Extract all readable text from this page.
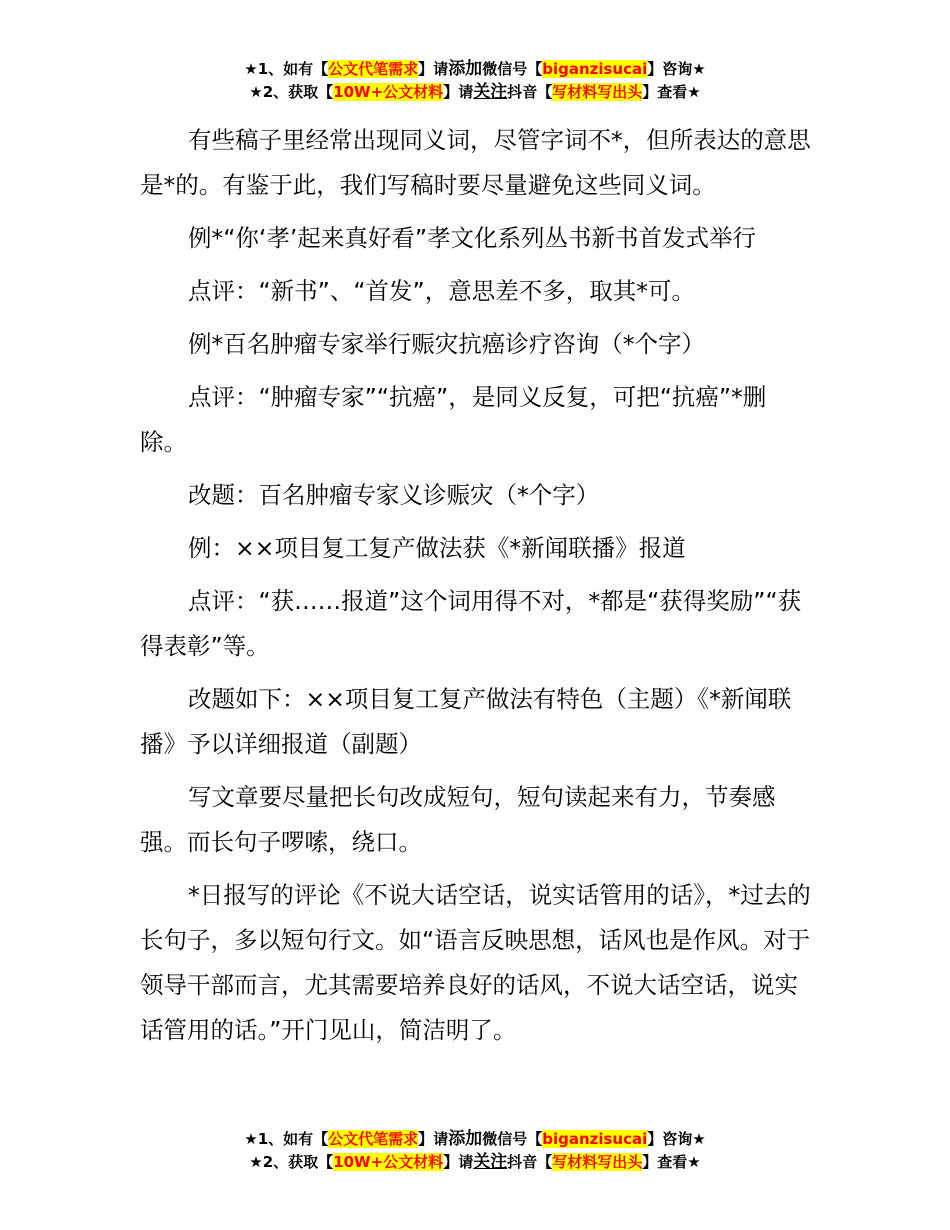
★1、如有【公文代笔需求】请添加微信号【biganzisucai】咨询★
★2、获取【10W+公文材料】请关注抖音【写材料写出头】查看★

有些稿子里经常出现同义词，尽管字词不*，但所表达的意思是*的。有鉴于此，我们写稿时要尽量避免这些同义词。

例*“你‘孝’起来真好看”孝文化系列丛书新书首发式举行

点评：“新书”、“首发”，意思差不多，取其*可。

例*百名肿瘤专家举行赈灾抗癌诊疗咨询（*个字）

点评：“肿瘤专家”“抗癌”，是同义反复，可把“抗癌”*删除。

改题：百名肿瘤专家义诊赈灾（*个字）

例：××项目复工复产做法获《*新闻联播》报道

点评：“获……报道”这个词用得不对，*都是“获得奖励”“获得表彰”等。

改题如下：××项目复工复产做法有特色（主题）《*新闻联播》予以详细报道（副题）

写文章要尽量把长句改成短句，短句读起来有力，节奏感强。而长句子啰嗦，绕口。

*日报写的评论《不说大话空话，说实话管用的话》，*过去的长句子，多以短句行文。如“语言反映思想，话风也是作风。对于领导干部而言，尤其需要培养良好的话风，不说大话空话，说实话管用的话。”开门见山，简洁明了。

★1、如有【公文代笔需求】请添加微信号【biganzisucai】咨询★
★2、获取【10W+公文材料】请关注抖音【写材料写出头】查看★
